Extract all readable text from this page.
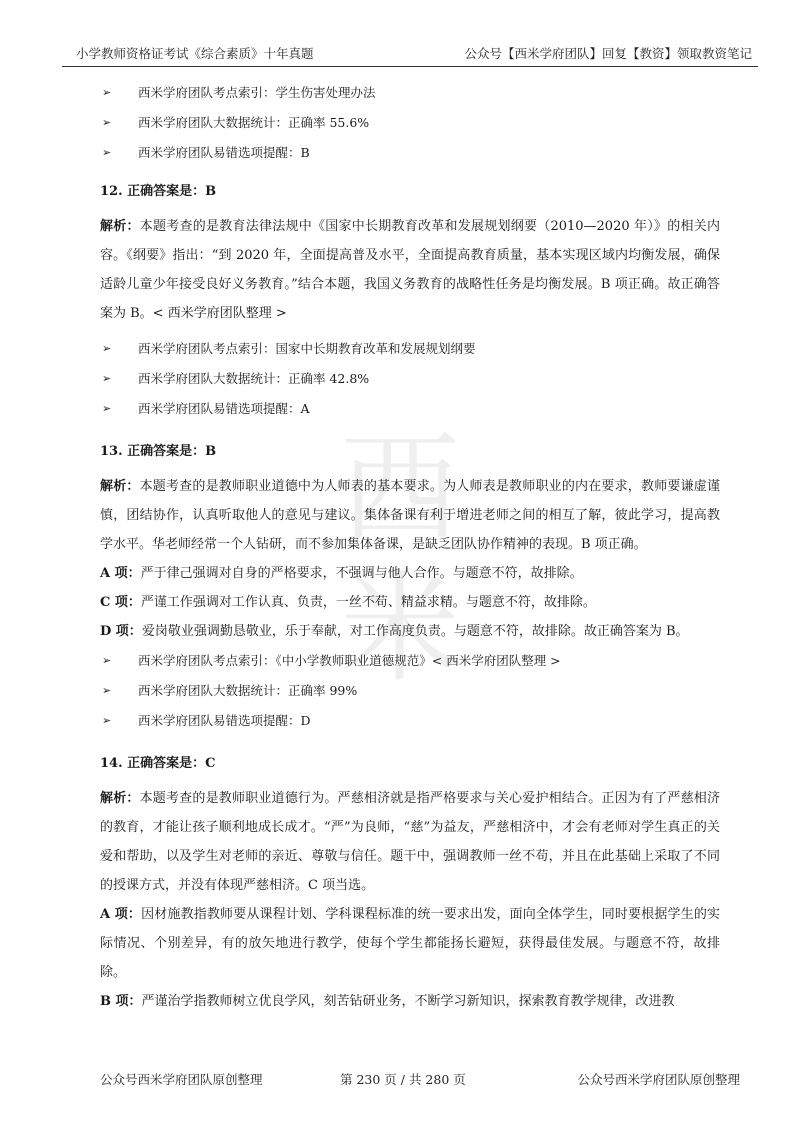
小学教师资格证考试《综合素质》十年真题	公众号【西米学府团队】回复【教资】领取教资笔记
西米
➢ 西米学府团队考点索引：学生伤害处理办法
➢ 西米学府团队大数据统计：正确率 55.6%
➢ 西米学府团队易错选项提醒：B
12. 正确答案是：B

解析：本题考查的是教育法律法规中《国家中长期教育改革和发展规划纲要（2010—2020 年）》的相关内容。《纲要》指出：“到 2020 年，全面提高普及水平，全面提高教育质量，基本实现区域内均衡发展，确保适龄儿童少年接受良好义务教育。”结合本题，我国义务教育的战略性任务是均衡发展。B 项正确。故正确答案为 B。< 西米学府团队整理 >

➢ 西米学府团队考点索引：国家中长期教育改革和发展规划纲要
➢ 西米学府团队大数据统计：正确率 42.8%
➢ 西米学府团队易错选项提醒：A
13. 正确答案是：B

解析：本题考查的是教师职业道德中为人师表的基本要求。为人师表是教师职业的内在要求，教师要谦虚谨慎，团结协作，认真听取他人的意见与建议。集体备课有利于增进老师之间的相互了解，彼此学习，提高教学水平。华老师经常一个人钻研，而不参加集体备课，是缺乏团队协作精神的表现。B 项正确。

A 项：严于律己强调对自身的严格要求，不强调与他人合作。与题意不符，故排除。

C 项：严谨工作强调对工作认真、负责，一丝不苟、精益求精。与题意不符，故排除。

D 项：爱岗敬业强调勤恳敬业，乐于奉献，对工作高度负责。与题意不符，故排除。故正确答案为 B。

➢ 西米学府团队考点索引：《中小学教师职业道德规范》< 西米学府团队整理 >
➢ 西米学府团队大数据统计：正确率 99%
➢ 西米学府团队易错选项提醒：D
14. 正确答案是：C

解析：本题考查的是教师职业道德行为。严慈相济就是指严格要求与关心爱护相结合。正因为有了严慈相济的教育，才能让孩子顺利地成长成才。“严”为良师，“慈”为益友，严慈相济中，才会有老师对学生真正的关爱和帮助，以及学生对老师的亲近、尊敬与信任。题干中，强调教师一丝不苟，并且在此基础上采取了不同的授课方式，并没有体现严慈相济。C 项当选。

A 项：因材施教指教师要从课程计划、学科课程标准的统一要求出发，面向全体学生，同时要根据学生的实际情况、个别差异，有的放矢地进行教学，使每个学生都能扬长避短，获得最佳发展。与题意不符，故排除。

B 项：严谨治学指教师树立优良学风，刻苦钻研业务，不断学习新知识，探索教育教学规律，改进教

公众号西米学府团队原创整理	第 230 页 / 共 280 页	公众号西米学府团队原创整理
